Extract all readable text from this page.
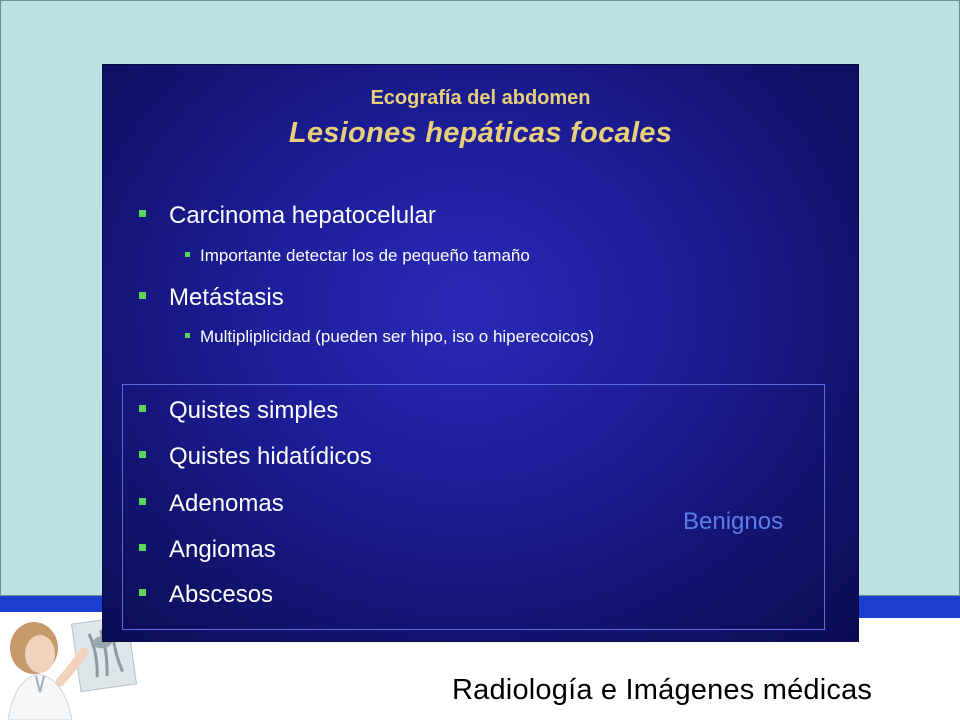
Radiología e Imágenes médicas
Ecografía del abdomen
Lesiones hepáticas focales
Carcinoma hepatocelular
Importante detectar los de pequeño tamaño
Metástasis
Multipliplicidad (pueden ser hipo, iso o hiperecoicos)
Quistes simples
Quistes hidatídicos
Adenomas
Angiomas
Abscesos
Benignos
